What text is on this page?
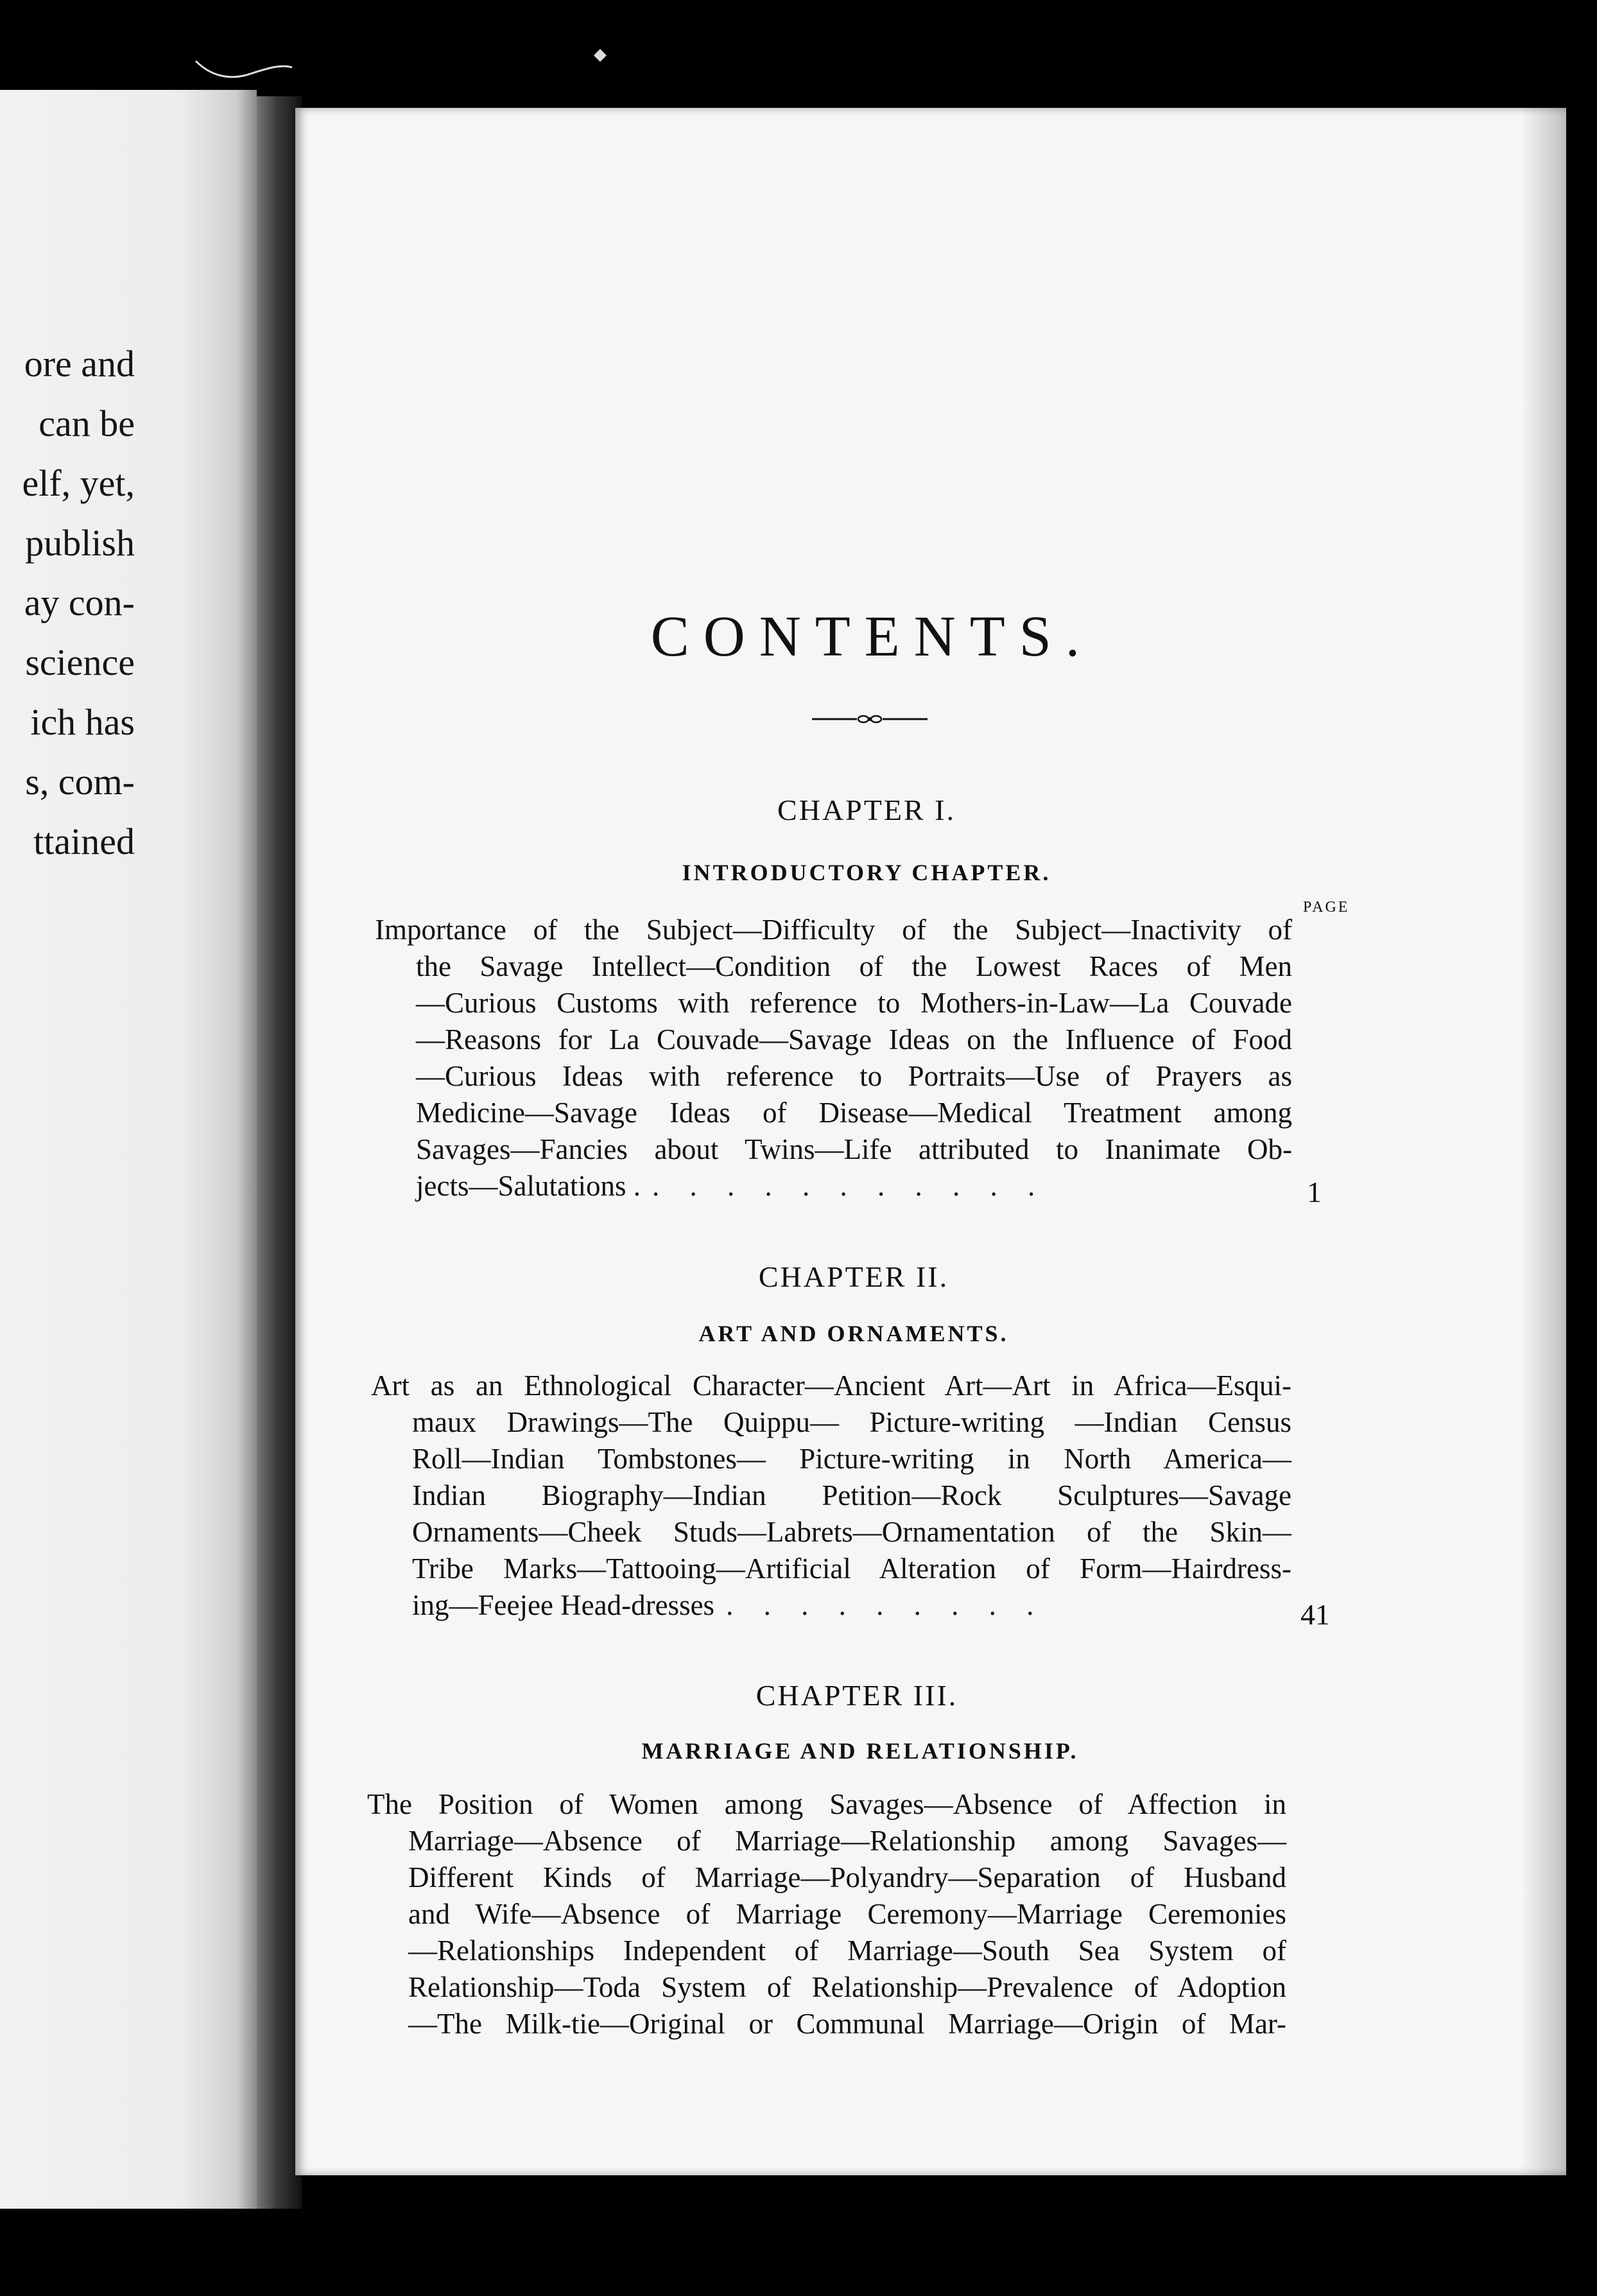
ore and
can be
elf, yet,
publish
ay con-
science
ich has
s, com-
ttained
◆
CONTENTS.
CHAPTER I.
INTRODUCTORY CHAPTER.
PAGE
Importance of the Subject—Difficulty of the Subject—Inactivity of
the Savage Intellect—Condition of the Lowest Races of Men
—Curious Customs with reference to Mothers-in-Law—La Couvade
—Reasons for La Couvade—Savage Ideas on the Influence of Food
—Curious Ideas with reference to Portraits—Use of Prayers as
Medicine—Savage Ideas of Disease—Medical Treatment among
Savages—Fancies about Twins—Life attributed to Inanimate Ob-
jects—Salutations . . . . . . . . . . . .	1
CHAPTER II.
ART AND ORNAMENTS.
Art as an Ethnological Character—Ancient Art—Art in Africa—Esqui-
maux Drawings—The Quippu— Picture-writing —Indian Census
Roll—Indian Tombstones— Picture-writing in North America—
Indian Biography—Indian Petition—Rock Sculptures—Savage
Ornaments—Cheek Studs—Labrets—Ornamentation of the Skin—
Tribe Marks—Tattooing—Artificial Alteration of Form—Hairdress-
ing—Feejee Head-dresses . . . . . . . . .	41
CHAPTER III.
MARRIAGE AND RELATIONSHIP.
The Position of Women among Savages—Absence of Affection in
Marriage—Absence of Marriage—Relationship among Savages—
Different Kinds of Marriage—Polyandry—Separation of Husband
and Wife—Absence of Marriage Ceremony—Marriage Ceremonies
—Relationships Independent of Marriage—South Sea System of
Relationship—Toda System of Relationship—Prevalence of Adoption
—The Milk-tie—Original or Communal Marriage—Origin of Mar-
